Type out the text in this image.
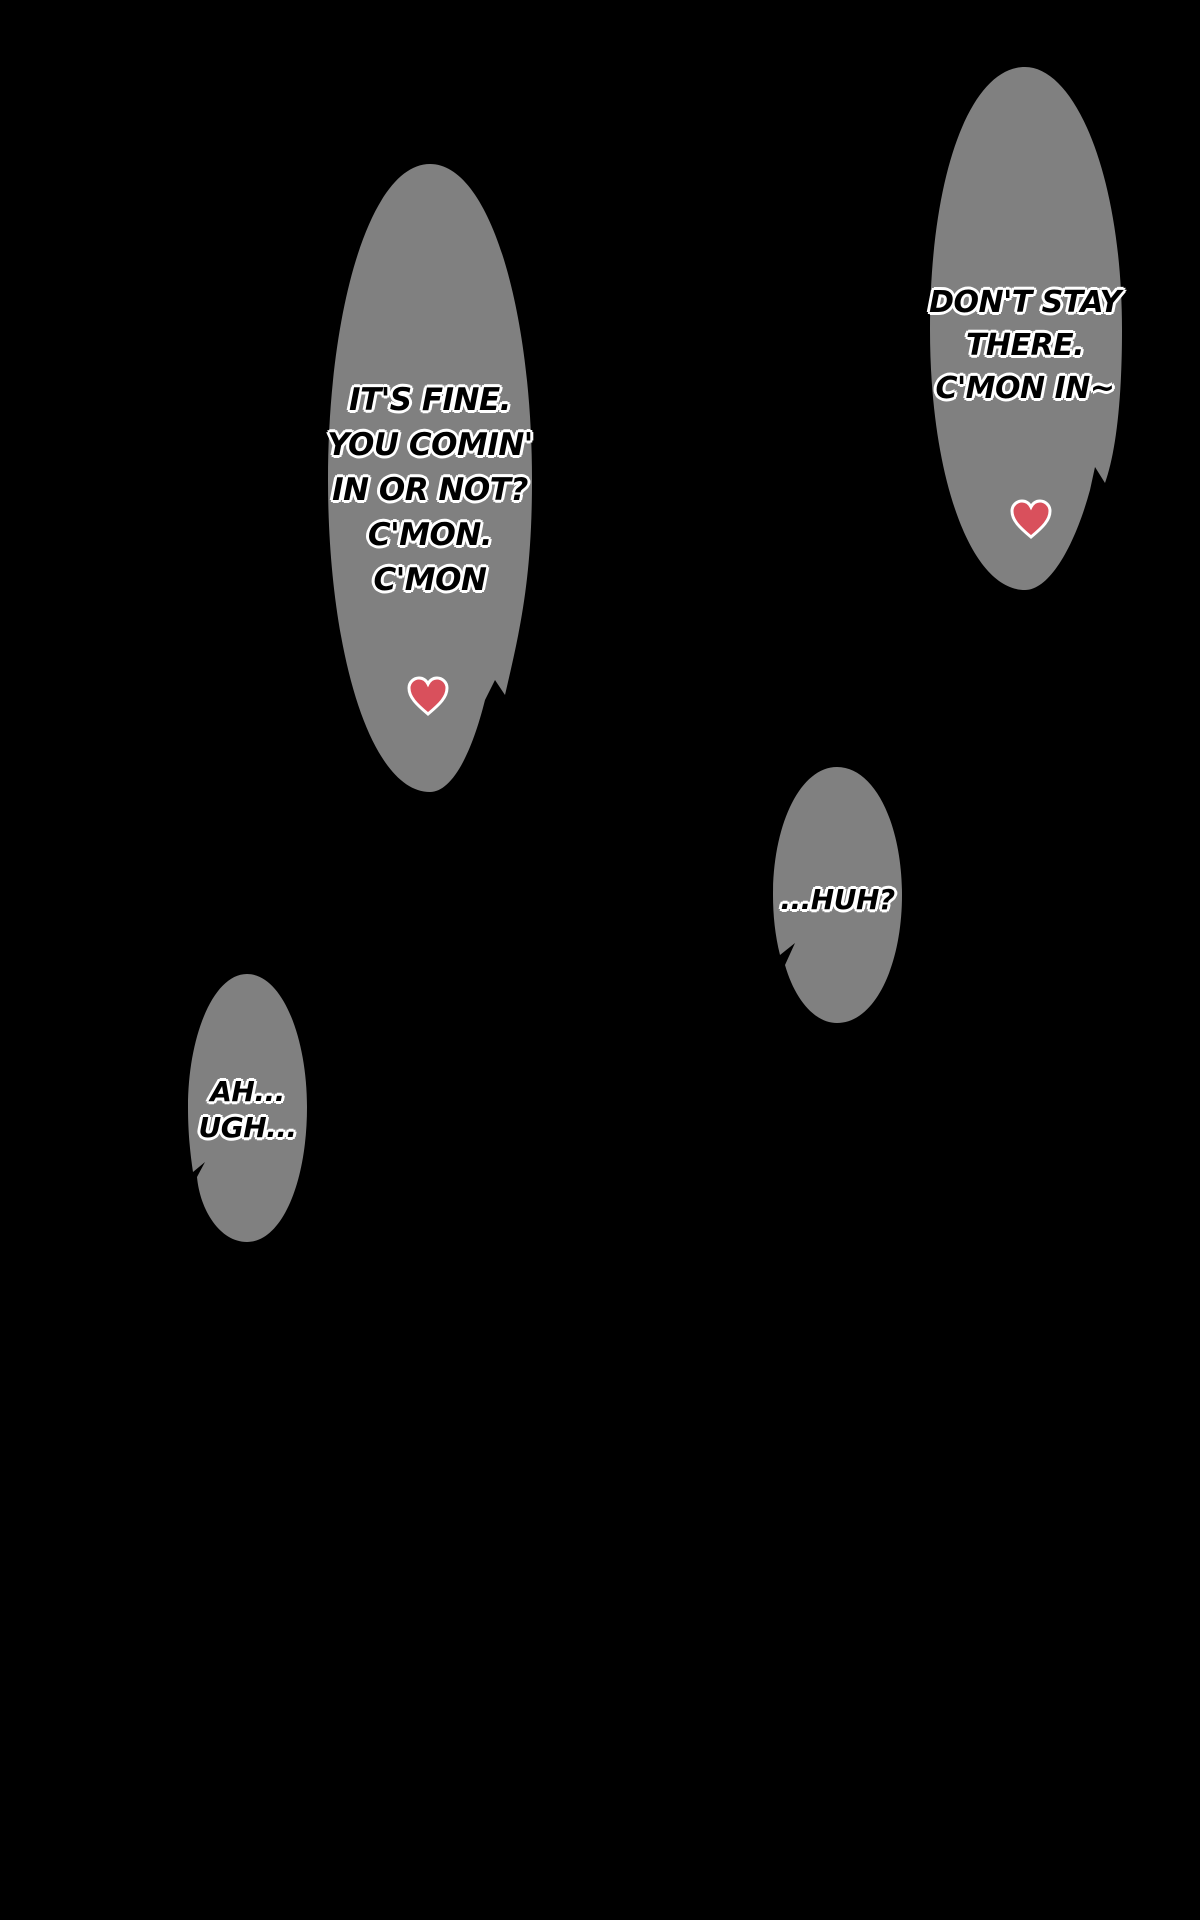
IT'S FINE.
YOU COMIN'
IN OR NOT?
C'MON.
C'MON
DON'T STAY
THERE.
C'MON IN~
...HUH?
AH...
UGH...
